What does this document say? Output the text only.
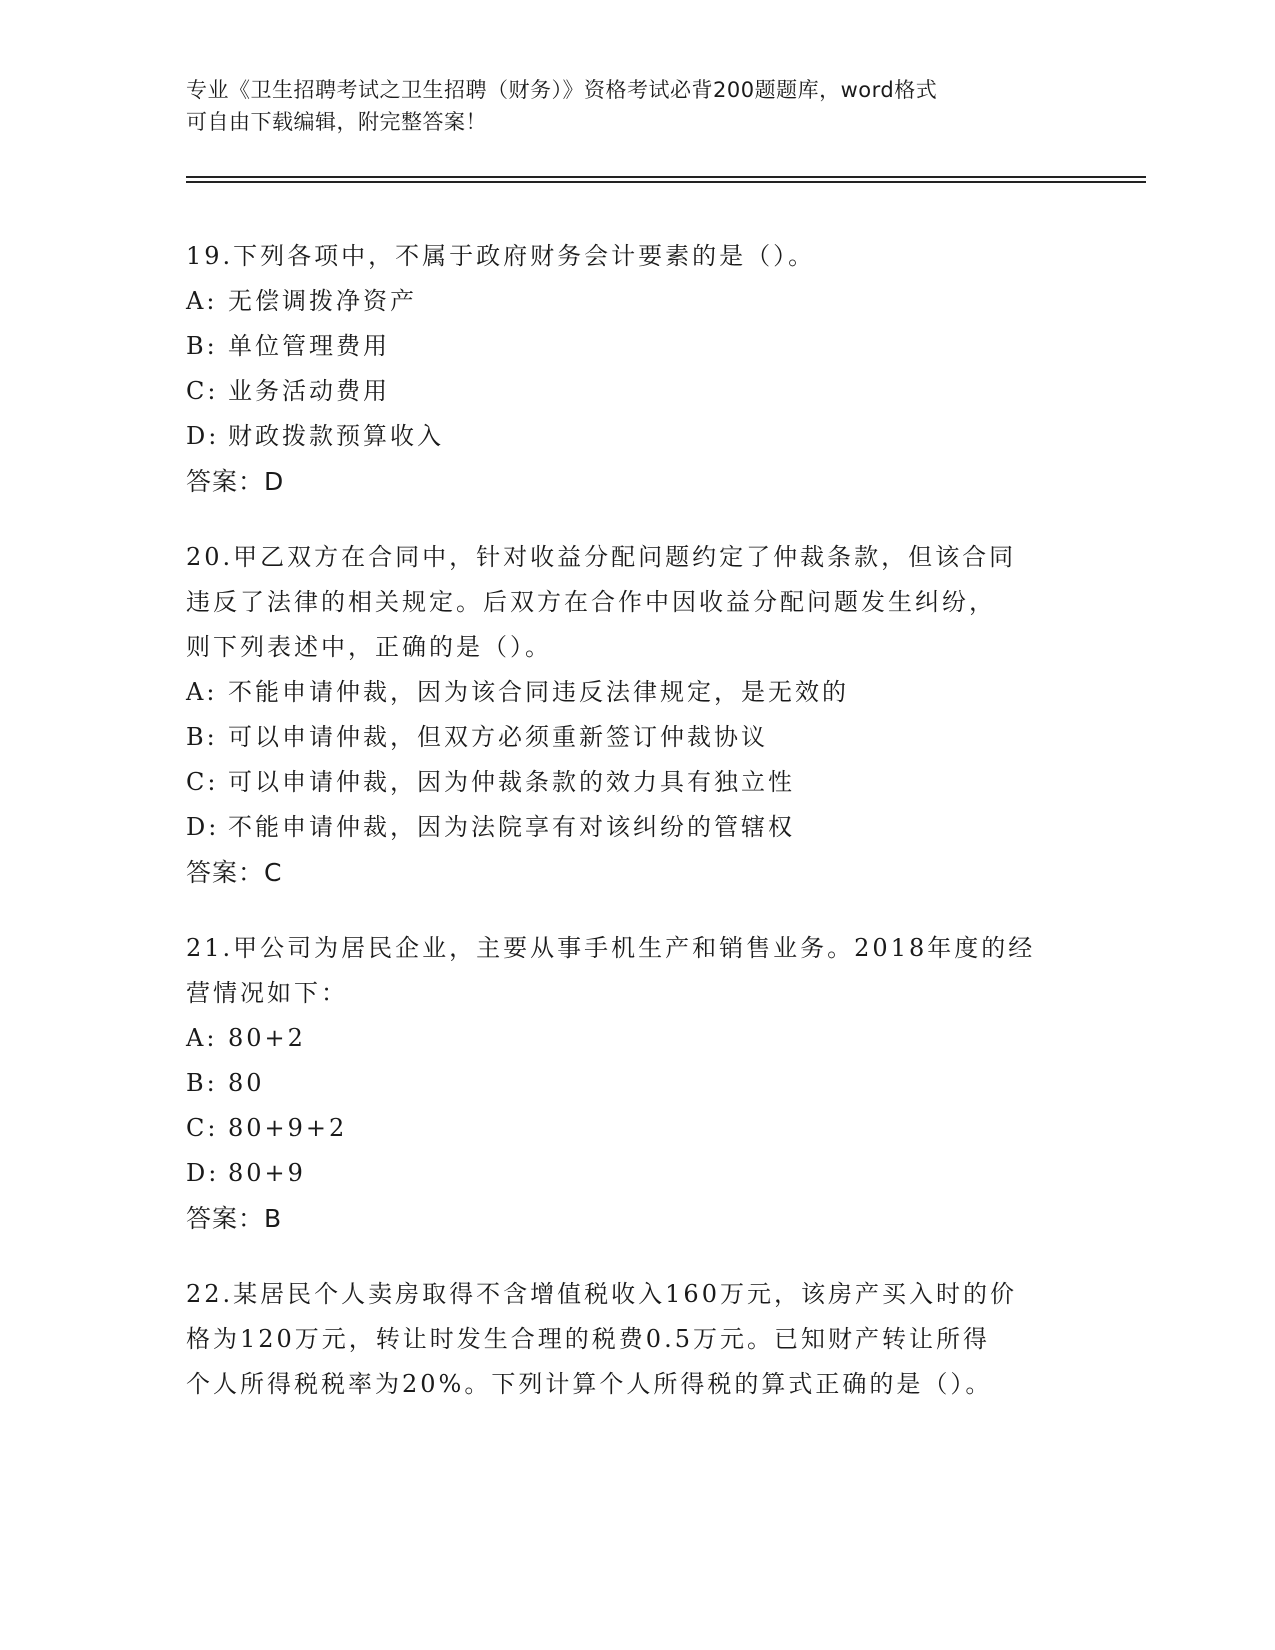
专业《卫生招聘考试之卫生招聘（财务）》资格考试必背200题题库，word格式
可自由下载编辑，附完整答案！
19.下列各项中，不属于政府财务会计要素的是（）。
A: 无偿调拨净资产
B: 单位管理费用
C: 业务活动费用
D: 财政拨款预算收入
答案：D
20.甲乙双方在合同中，针对收益分配问题约定了仲裁条款，但该合同
违反了法律的相关规定。后双方在合作中因收益分配问题发生纠纷，
则下列表述中，正确的是（）。
A: 不能申请仲裁，因为该合同违反法律规定，是无效的
B: 可以申请仲裁，但双方必须重新签订仲裁协议
C: 可以申请仲裁，因为仲裁条款的效力具有独立性
D: 不能申请仲裁，因为法院享有对该纠纷的管辖权
答案：C
21.甲公司为居民企业，主要从事手机生产和销售业务。2018年度的经
营情况如下：
A: 80+2
B: 80
C: 80+9+2
D: 80+9
答案：B
22.某居民个人卖房取得不含增值税收入160万元，该房产买入时的价
格为120万元，转让时发生合理的税费0.5万元。已知财产转让所得
个人所得税税率为20%。下列计算个人所得税的算式正确的是（）。
